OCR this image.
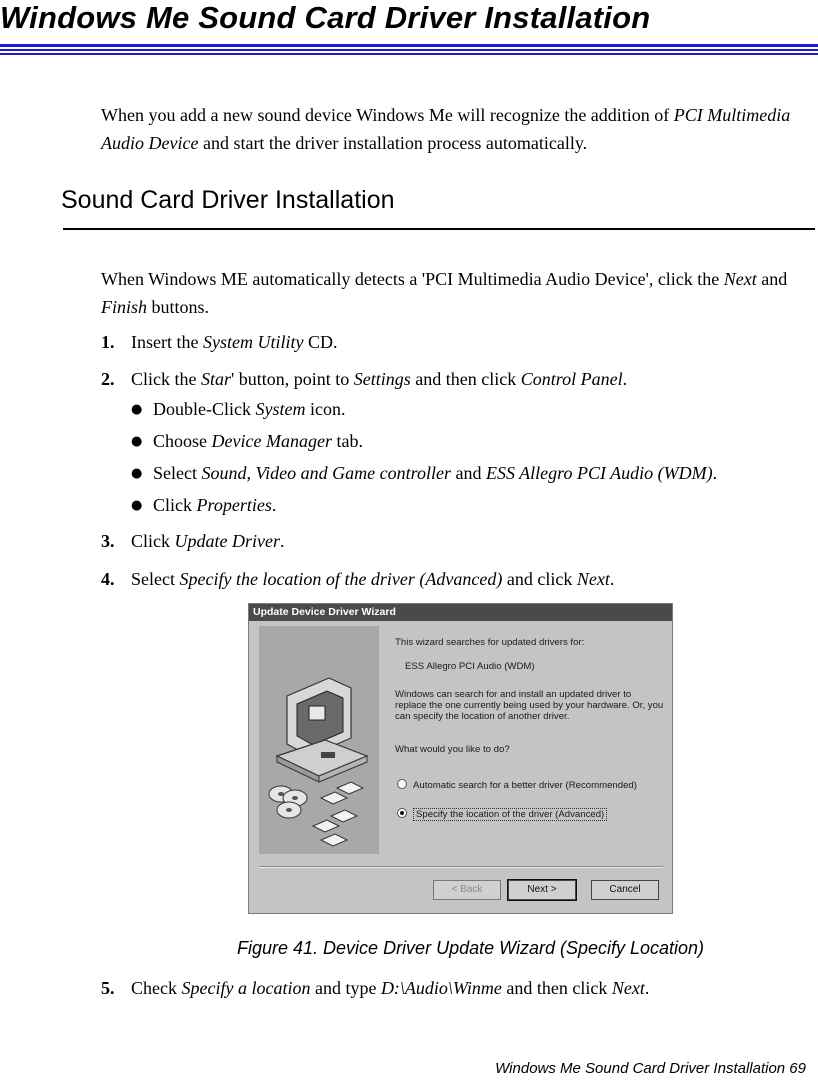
Windows Me Sound Card Driver Installation

When you add a new sound device Windows Me will recognize the addition of PCI Multimedia Audio Device and start the driver installation process automatically.

Sound Card Driver Installation

When Windows ME automatically detects a 'PCI Multimedia Audio Device', click the Next and Finish buttons.

1. Insert the System Utility CD.
2. Click the Star' button, point to Settings and then click Control Panel.
● Double-Click System icon.
● Choose Device Manager tab.
● Select Sound, Video and Game controller and ESS Allegro PCI Audio (WDM).
● Click Properties.
3. Click Update Driver.
4. Select Specify the location of the driver (Advanced) and click Next.
Update Device Driver Wizard
This wizard searches for updated drivers for:
ESS Allegro PCI Audio (WDM)
Windows can search for and install an updated driver to replace the one currently being used by your hardware. Or, you can specify the location of another driver.
What would you like to do?
Automatic search for a better driver (Recommended)
Specify the location of the driver (Advanced)
< Back	Next >	Cancel
Figure 41. Device Driver Update Wizard (Specify Location)
5. Check Specify a location and type D:\Audio\Winme and then click Next.
Windows Me Sound Card Driver Installation 69
